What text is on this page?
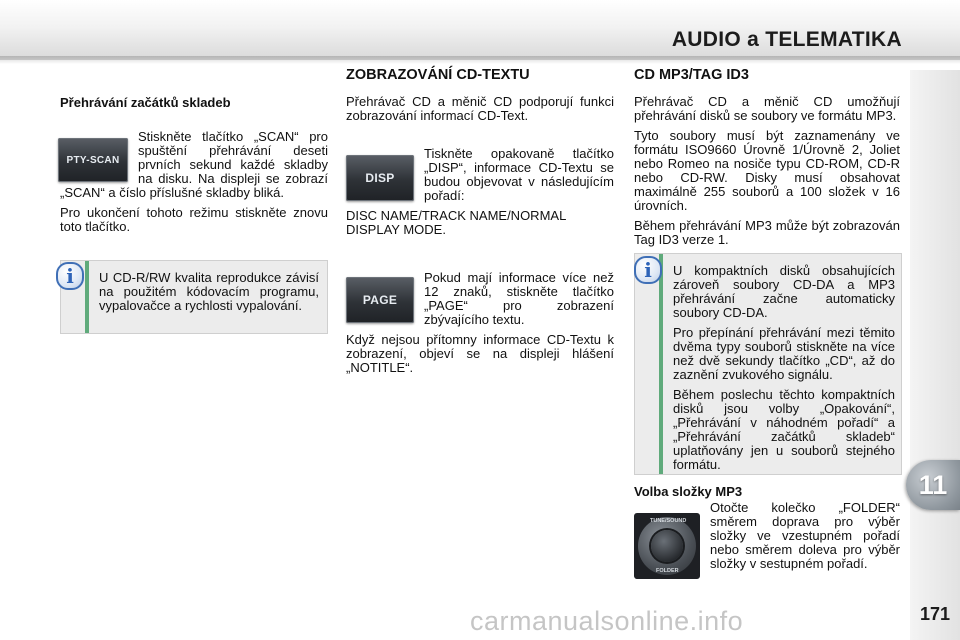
AUDIO a TELEMATIKA
11
171
Přehrávání začátků skladeb
PTY-SCAN

Stiskněte tlačítko „SCAN“ pro spuštění přehrávání deseti prvních sekund každé skladby na disku. Na displeji se zobrazí „SCAN“ a číslo příslušné skladby bliká.

Pro ukončení tohoto režimu stiskněte znovu toto tlačítko.

U CD-R/RW kvalita reprodukce závisí na použitém kódovacím programu, vypalovačce a rychlosti vypalování.

i
ZOBRAZOVÁNÍ CD-TEXTU

Přehrávač CD a měnič CD podporují funkci zobrazování informací CD-Text.

DISP

Tiskněte opakovaně tlačítko „DISP“, informace CD-Textu se budou objevovat v následujícím pořadí:

DISC NAME/TRACK NAME/NORMAL DISPLAY MODE.

PAGE

Pokud mají informace více než 12 znaků, stiskněte tlačítko „PAGE“ pro zobrazení zbývajícího textu.

Když nejsou přítomny informace CD-Textu k zobrazení, objeví se na displeji hlášení „NOTITLE“.

CD MP3/TAG ID3

Přehrávač CD a měnič CD umožňují přehrávání disků se soubory ve formátu MP3.

Tyto soubory musí být zaznamenány ve formátu ISO9660 Úrovně 1/Úrovně 2, Joliet nebo Romeo na nosiče typu CD-ROM, CD-R nebo CD-RW. Disky musí obsahovat maximálně 255 souborů a 100 složek v 16 úrovních.

Během přehrávání MP3 může být zobrazován Tag ID3 verze 1.

U kompaktních disků obsahujících zároveň soubory CD-DA a MP3 přehrávání začne automaticky soubory CD-DA.

Pro přepínání přehrávání mezi těmito dvěma typy souborů stiskněte na více než dvě sekundy tlačítko „CD“, až do zaznění zvukového signálu.

Během poslechu těchto kompaktních disků jsou volby „Opakování“, „Přehrávání v náhodném pořadí“ a „Přehrávání začátků skladeb“ uplatňovány jen u souborů stejného formátu.

i
Volba složky MP3
TUNE/SOUND
FOLDER

Otočte kolečko „FOLDER“ směrem doprava pro výběr složky ve vzestupném pořadí nebo směrem doleva pro výběr složky v sestupném pořadí.

carmanualsonline.info
